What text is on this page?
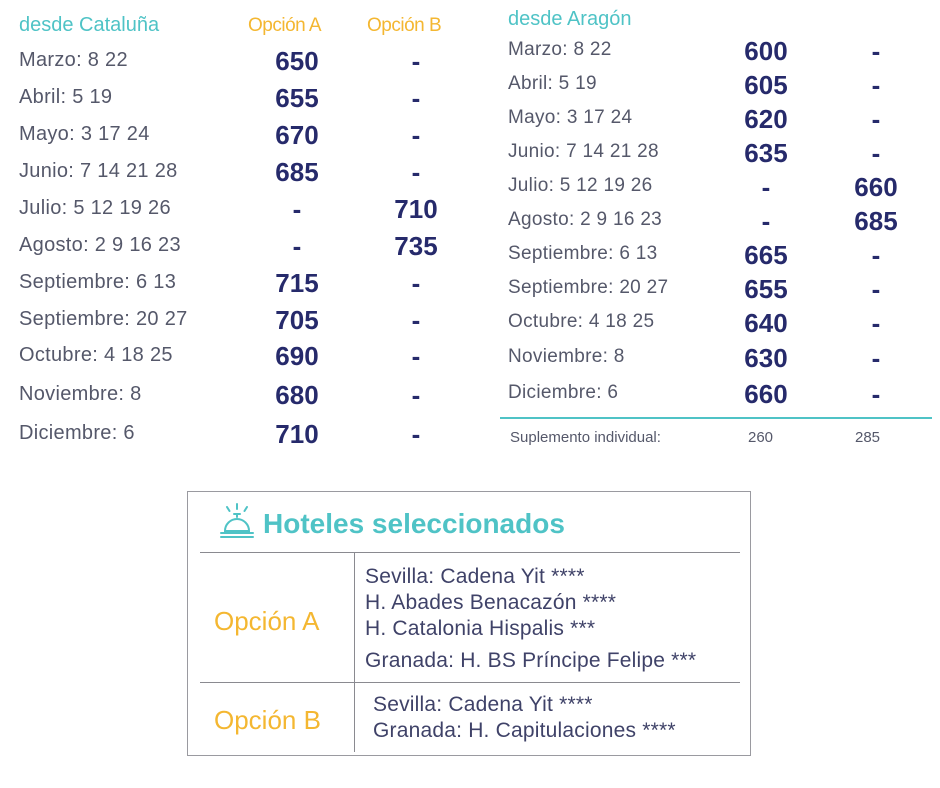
desde Cataluña	Opción A Opción B
Marzo: 8 22	650	-
Abril: 5 19	655	-
Mayo: 3 17 24	670	-
Junio: 7 14 21 28	685	-
Julio: 5 12 19 26	-	710
Agosto: 2 9 16 23	-	735
Septiembre: 6 13	715	-
Septiembre: 20 27	705	-
Octubre: 4 18 25	690	-
Noviembre: 8	680	-
Diciembre: 6	710	-
desde Aragón
Marzo: 8 22	600	-
Abril: 5 19	605	-
Mayo: 3 17 24	620	-
Junio: 7 14 21 28	635	-
Julio: 5 12 19 26	-	660
Agosto: 2 9 16 23	-	685
Septiembre: 6 13	665	-
Septiembre: 20 27	655	-
Octubre: 4 18 25	640	-
Noviembre: 8	630	-
Diciembre: 6	660	-
Suplemento individual:	260	285
Hoteles seleccionados
Opción A
Sevilla: Cadena Yit ****
H. Abades Benacazón ****
H. Catalonia Hispalis ***
Granada: H. BS Príncipe Felipe ***
Opción B
Sevilla: Cadena Yit ****
Granada: H. Capitulaciones ****
